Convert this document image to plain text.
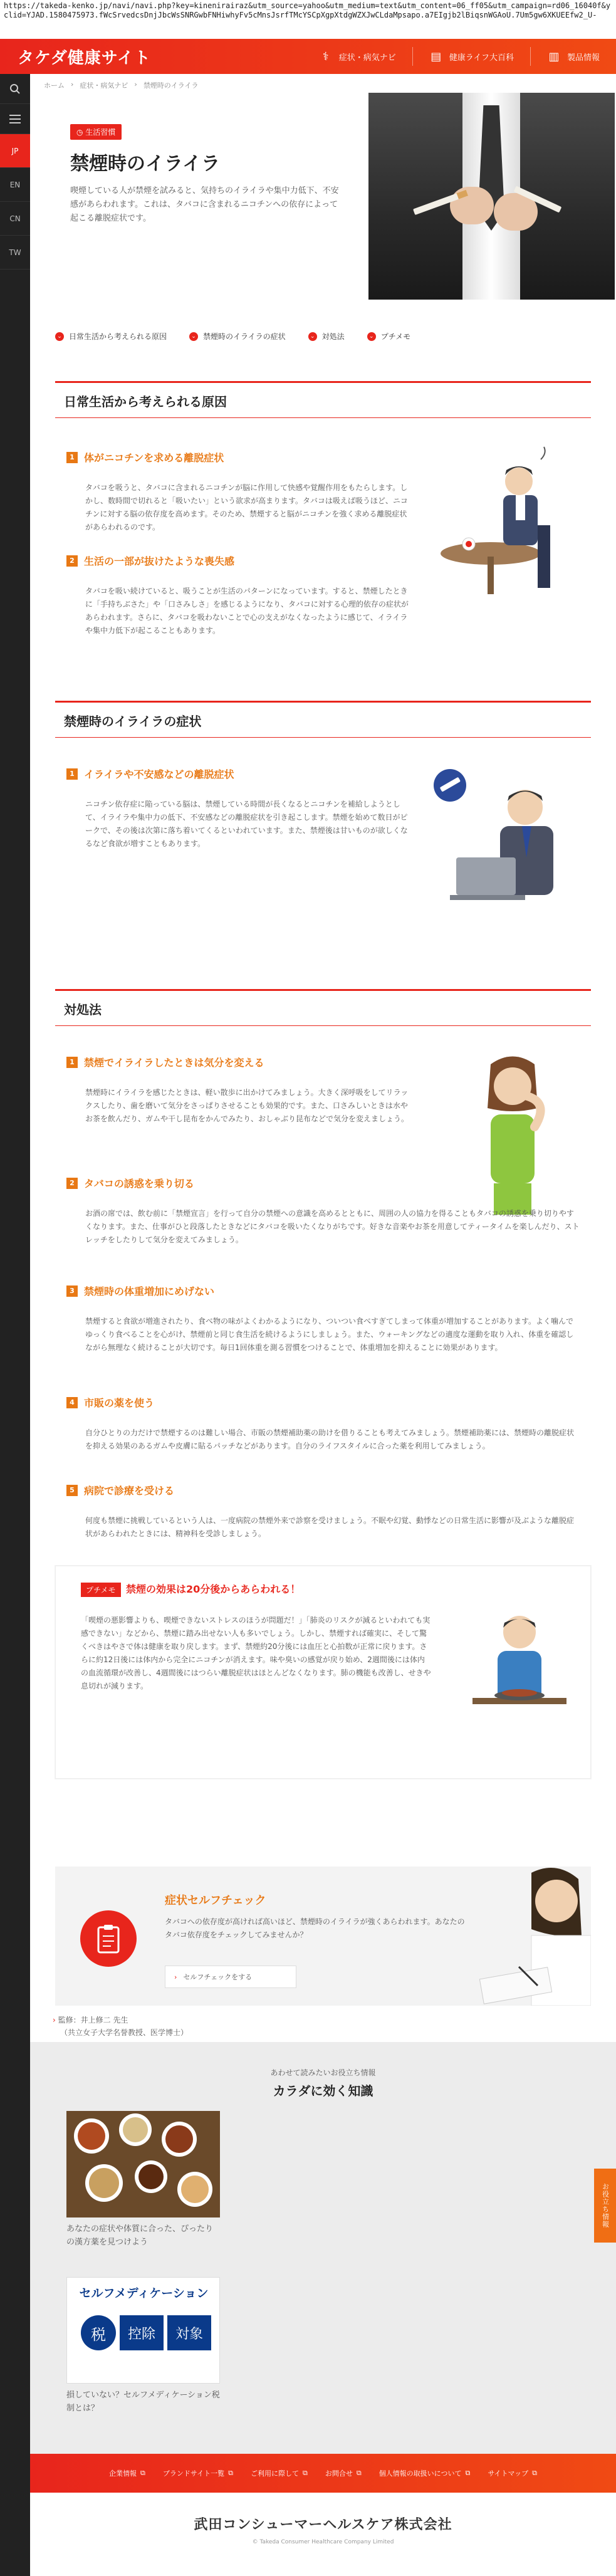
https://takeda-kenko.jp/navi/navi.php?key=kinenirairaz&utm_source=yahoo&utm_medium=text&utm_content=06_ff05&utm_campaign=rd06_16040f&yclid=YJAD.1580475973.fWcSrvedcsDnjJbcWsSNRGwbFNHiwhyFv5cMnsJsrfTMcYSCpXgpXtdgWZXJwCLdaMpsapo.a7EIgjb2lBiqsnWGAoU.7Um5gw6XKUEEfw2_U-
タケダ健康サイト	⚕	症状・病気ナビ	▤ 健康ライフ大百科	▥ 製品情報
JP
EN
CN
TW
ホーム › 症状・病気ナビ › 禁煙時のイライラ
◷ 生活習慣
禁煙時のイライラ
喫煙している人が禁煙を試みると、気持ちのイライラや集中力低下、不安感があらわれます。これは、タバコに含まれるニコチンへの依存によって起こる離脱症状です。
⌄ 日常生活から考えられる原因	⌄ 禁煙時のイライラの症状	⌄ 対処法	⌄ プチメモ
日常生活から考えられる原因
1 体がニコチンを求める離脱症状
タバコを吸うと、タバコに含まれるニコチンが脳に作用して快感や覚醒作用をもたらします。しかし、数時間で切れると「吸いたい」という欲求が高まります。タバコは吸えば吸うほど、ニコチンに対する脳の依存度を高めます。そのため、禁煙すると脳がニコチンを強く求める離脱症状があらわれるのです。
2 生活の一部が抜けたような喪失感
タバコを吸い続けていると、吸うことが生活のパターンになっています。すると、禁煙したときに「手持ちぶさた」や「口さみしさ」を感じるようになり、タバコに対する心理的依存の症状があらわれます。さらに、タバコを吸わないことで心の支えがなくなったように感じて、イライラや集中力低下が起こることもあります。
禁煙時のイライラの症状
1 イライラや不安感などの離脱症状
ニコチン依存症に陥っている脳は、禁煙している時間が長くなるとニコチンを補給しようとして、イライラや集中力の低下、不安感などの離脱症状を引き起こします。禁煙を始めて数日がピークで、その後は次第に落ち着いてくるといわれています。また、禁煙後は甘いものが欲しくなるなど食欲が増すこともあります。
対処法
1 禁煙でイライラしたときは気分を変える
禁煙時にイライラを感じたときは、軽い散歩に出かけてみましょう。大きく深呼吸をしてリラックスしたり、歯を磨いて気分をさっぱりさせることも効果的です。また、口さみしいときは水やお茶を飲んだり、ガムや干し昆布をかんでみたり、おしゃぶり昆布などで気分を変えましょう。
2 タバコの誘惑を乗り切る
お酒の席では、飲む前に「禁煙宣言」を行って自分の禁煙への意識を高めるとともに、周囲の人の協力を得ることもタバコの誘惑を乗り切りやすくなります。また、仕事がひと段落したときなどにタバコを吸いたくなりがちです。好きな音楽やお茶を用意してティータイムを楽しんだり、ストレッチをしたりして気分を変えてみましょう。
3 禁煙時の体重増加にめげない
禁煙すると食欲が増進されたり、食べ物の味がよくわかるようになり、ついつい食べすぎてしまって体重が増加することがあります。よく噛んでゆっくり食べることを心がけ、禁煙前と同じ食生活を続けるようにしましょう。また、ウォーキングなどの適度な運動を取り入れ、体重を確認しながら無理なく続けることが大切です。毎日1回体重を測る習慣をつけることで、体重増加を抑えることに効果があります。
4 市販の薬を使う
自分ひとりの力だけで禁煙するのは難しい場合、市販の禁煙補助薬の助けを借りることも考えてみましょう。禁煙補助薬には、禁煙時の離脱症状を抑える効果のあるガムや皮膚に貼るパッチなどがあります。自分のライフスタイルに合った薬を利用してみましょう。
5 病院で診療を受ける
何度も禁煙に挑戦しているという人は、一度病院の禁煙外来で診察を受けましょう。不眠や幻覚、動悸などの日常生活に影響が及ぶような離脱症状があらわれたときには、精神科を受診しましょう。
プチメモ	禁煙の効果は20分後からあらわれる！
「喫煙の悪影響よりも、喫煙できないストレスのほうが問題だ！」「肺炎のリスクが減るといわれても実感できない」などから、禁煙に踏み出せない人も多いでしょう。しかし、禁煙すれば確実に、そして驚くべきはやさで体は健康を取り戻します。まず、禁煙約20分後には血圧と心拍数が正常に戻ります。さらに約12日後には体内から完全にニコチンが消えます。味や臭いの感覚が戻り始め、2週間後には体内の血流循環が改善し、4週間後にはつらい離脱症状はほとんどなくなります。肺の機能も改善し、せきや息切れが減ります。
症状セルフチェック
タバコへの依存度が高ければ高いほど、禁煙時のイライラが強くあらわれます。あなたのタバコ依存度をチェックしてみませんか？
› セルフチェックをする
› 監修：井上修二 先生
（共立女子大学名誉教授、医学博士）
あわせて読みたいお役立ち情報
カラダに効く知識
あなたの症状や体質に合った、ぴったりの漢方薬を見つけよう
セルフメディケーション
税	控除	対象
損していない？セルフメディケーション税制とは？
お役立ち情報
企業情報 ⧉	ブランドサイト一覧 ⧉	ご利用に際して ⧉	お問合せ ⧉	個人情報の取扱いについて ⧉	サイトマップ ⧉
武田コンシューマーヘルスケア株式会社
© Takeda Consumer Healthcare Company Limited
